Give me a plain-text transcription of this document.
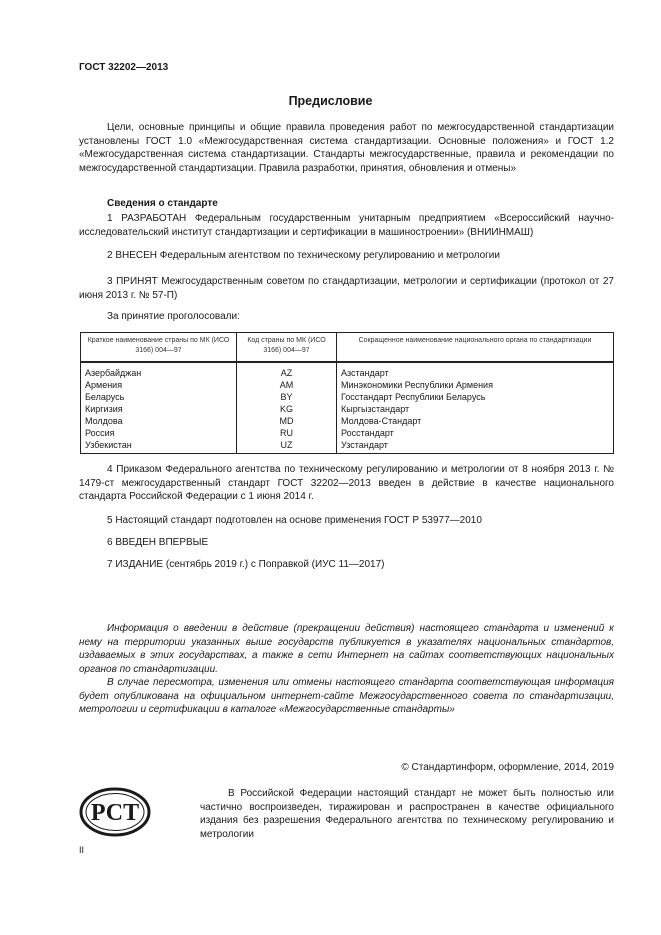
ГОСТ 32202—2013
Предисловие
Цели, основные принципы и общие правила проведения работ по межгосударственной стандартизации установлены ГОСТ 1.0 «Межгосударственная система стандартизации. Основные положения» и ГОСТ 1.2 «Межгосударственная система стандартизации. Стандарты межгосударственные, правила и рекомендации по межгосударственной стандартизации. Правила разработки, принятия, обновления и отмены»
Сведения о стандарте
1 РАЗРАБОТАН Федеральным государственным унитарным предприятием «Всероссийский научно-исследовательский институт стандартизации и сертификации в машиностроении» (ВНИИНМАШ)
2 ВНЕСЕН Федеральным агентством по техническому регулированию и метрологии
3 ПРИНЯТ Межгосударственным советом по стандартизации, метрологии и сертификации (протокол от 27 июня 2013 г. № 57-П)
За принятие проголосовали:
Краткое наименование страны по МК (ИСО 3166) 004—97	Код страны по МК (ИСО 3166) 004—97	Сокращенное наименование национального органа по стандартизации
Азербайджан	AZ	Азстандарт
Армения	AM	Минэкономики Республики Армения
Беларусь	BY	Госстандарт Республики Беларусь
Киргизия	KG	Кыргызстандарт
Молдова	MD	Молдова-Стандарт
Россия	RU	Росстандарт
Узбекистан	UZ	Узстандарт
4 Приказом Федерального агентства по техническому регулированию и метрологии от 8 ноября 2013 г. № 1479-ст межгосударственный стандарт ГОСТ 32202—2013 введен в действие в качестве национального стандарта Российской Федерации с 1 июня 2014 г.
5 Настоящий стандарт подготовлен на основе применения ГОСТ Р 53977—2010
6 ВВЕДЕН ВПЕРВЫЕ
7 ИЗДАНИЕ (сентябрь 2019 г.) с Поправкой (ИУС 11—2017)
Информация о введении в действие (прекращении действия) настоящего стандарта и изменений к нему на территории указанных выше государств публикуется в указателях национальных стандартов, издаваемых в этих государствах, а также в сети Интернет на сайтах соответствующих национальных органов по стандартизации.
В случае пересмотра, изменения или отмены настоящего стандарта соответствующая информация будет опубликована на официальном интернет-сайте Межгосударственного совета по стандартизации, метрологии и сертификации в каталоге «Межгосударственные стандарты»
© Стандартинформ, оформление, 2014, 2019
РСТ
В Российской Федерации настоящий стандарт не может быть полностью или частично воспроизведен, тиражирован и распространен в качестве официального издания без разрешения Федерального агентства по техническому регулированию и метрологии
II
